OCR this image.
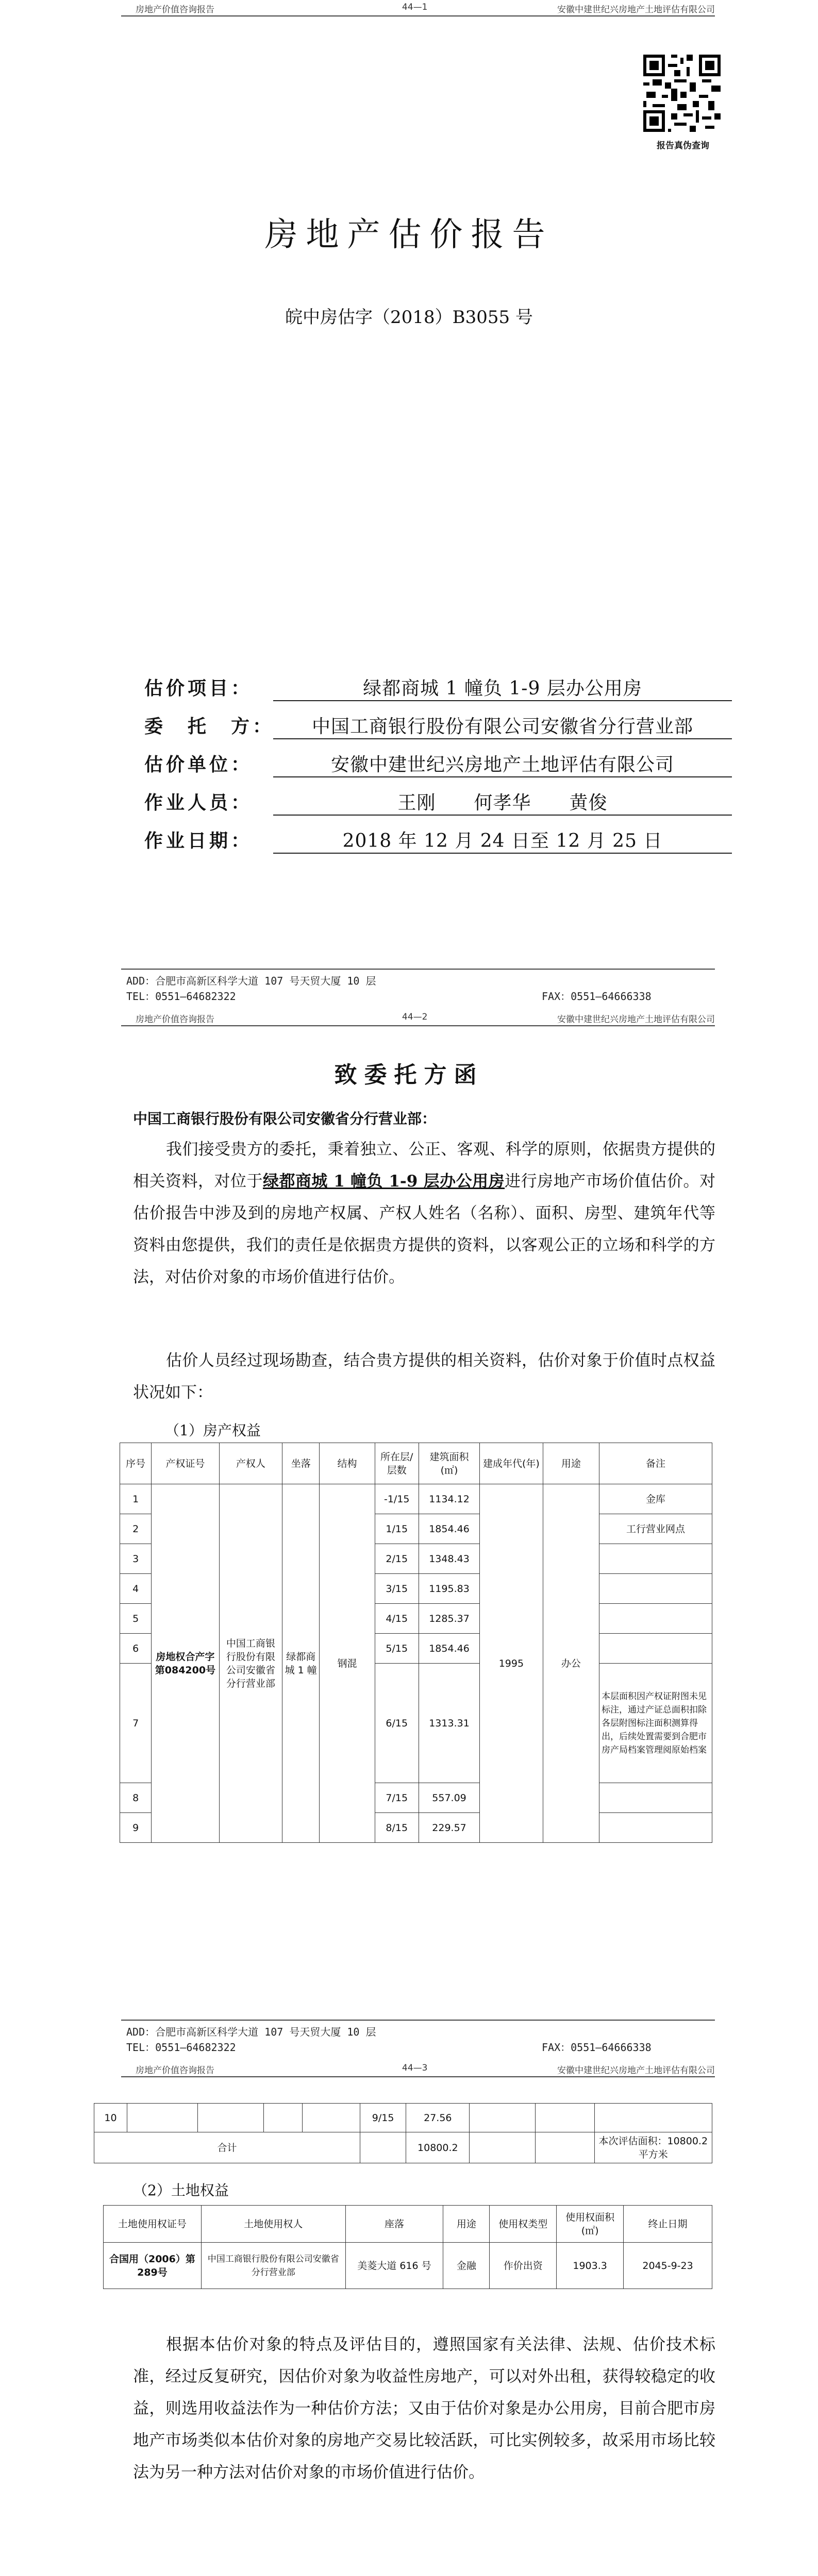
房地产价值咨询报告	44—1	安徽中建世纪兴房地产土地评估有限公司
报告真伪查询
房地产估价报告
皖中房估字（2018）B3055 号
估价项目：	绿都商城 1 幢负 1-9 层办公用房
委　托　方：	中国工商银行股份有限公司安徽省分行营业部
估价单位：	安徽中建世纪兴房地产土地评估有限公司
作业人员：	王刚　　何孝华　　黄俊
作业日期：	2018 年 12 月 24 日至 12 月 25 日
ADD：合肥市高新区科学大道 107 号天贸大厦 10 层
TEL：0551—64682322	FAX：0551—64666338
房地产价值咨询报告	44—2	安徽中建世纪兴房地产土地评估有限公司
致委托方函
中国工商银行股份有限公司安徽省分行营业部：
我们接受贵方的委托，秉着独立、公正、客观、科学的原则，依据贵方提供的相关资料，对位于绿都商城 1 幢负 1-9 层办公用房进行房地产市场价值估价。对估价报告中涉及到的房地产权属、产权人姓名（名称）、面积、房型、建筑年代等资料由您提供，我们的责任是依据贵方提供的资料，以客观公正的立场和科学的方法，对估价对象的市场价值进行估价。
估价人员经过现场勘查，结合贵方提供的相关资料，估价对象于价值时点权益状况如下：
（1）房产权益
序号	产权证号	产权人	坐落	结构	所在层/层数	建筑面积(㎡)	建成年代(年)	用途	备注
1	房地权合产字第084200号	中国工商银行股份有限公司安徽省分行营业部	绿都商城 1 幢	钢混	-1/15	1134.12	1995	办公	金库
2					1/15	1854.46			工行营业网点
3					2/15	1348.43			
4					3/15	1195.83			
5					4/15	1285.37			
6					5/15	1854.46			
7					6/15	1313.31			本层面积因产权证附图未见标注，通过产证总面积扣除各层附图标注面积测算得出，后续处置需要到合肥市房产局档案管理阅原始档案
8					7/15	557.09			
9					8/15	229.57			
ADD：合肥市高新区科学大道 107 号天贸大厦 10 层
TEL：0551—64682322	FAX：0551—64666338
房地产价值咨询报告	44—3	安徽中建世纪兴房地产土地评估有限公司
10					9/15	27.56			
合计						10800.2			本次评估面积：10800.2 平方米
（2）土地权益
土地使用权证号	土地使用权人	座落	用途	使用权类型	使用权面积(㎡)	终止日期
合国用（2006）第289号	中国工商银行股份有限公司安徽省分行营业部	美菱大道 616 号	金融	作价出资	1903.3	2045-9-23
根据本估价对象的特点及评估目的，遵照国家有关法律、法规、估价技术标准，经过反复研究，因估价对象为收益性房地产，可以对外出租，获得较稳定的收益，则选用收益法作为一种估价方法；又由于估价对象是办公用房，目前合肥市房地产市场类似本估价对象的房地产交易比较活跃，可比实例较多，故采用市场比较法为另一种方法对估价对象的市场价值进行估价。
